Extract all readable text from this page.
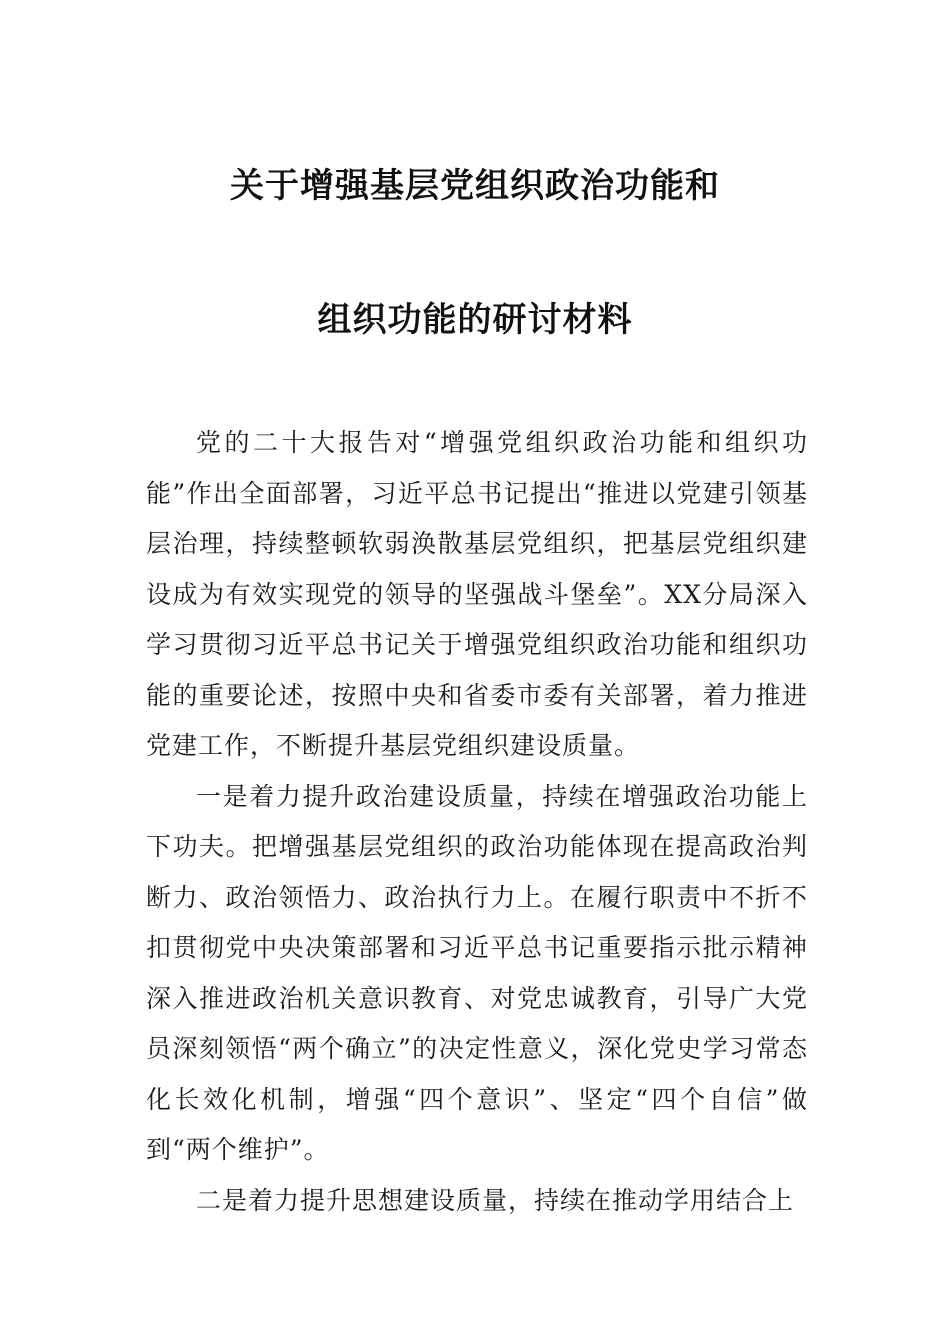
关于增强基层党组织政治功能和
组织功能的研讨材料

党的二十大报告对“增强党组织政治功能和组织功能”作出全面部署，习近平总书记提出“推进以党建引领基层治理，持续整顿软弱涣散基层党组织，把基层党组织建设成为有效实现党的领导的坚强战斗堡垒”。XX分局深入学习贯彻习近平总书记关于增强党组织政治功能和组织功能的重要论述，按照中央和省委市委有关部署，着力推进党建工作，不断提升基层党组织建设质量。

一是着力提升政治建设质量，持续在增强政治功能上下功夫。把增强基层党组织的政治功能体现在提高政治判断力、政治领悟力、政治执行力上。在履行职责中不折不扣贯彻党中央决策部署和习近平总书记重要指示批示精神深入推进政治机关意识教育、对党忠诚教育，引导广大党员深刻领悟“两个确立”的决定性意义，深化党史学习常态化长效化机制，增强“四个意识”、坚定“四个自信”做到“两个维护”。

二是着力提升思想建设质量，持续在推动学用结合上
